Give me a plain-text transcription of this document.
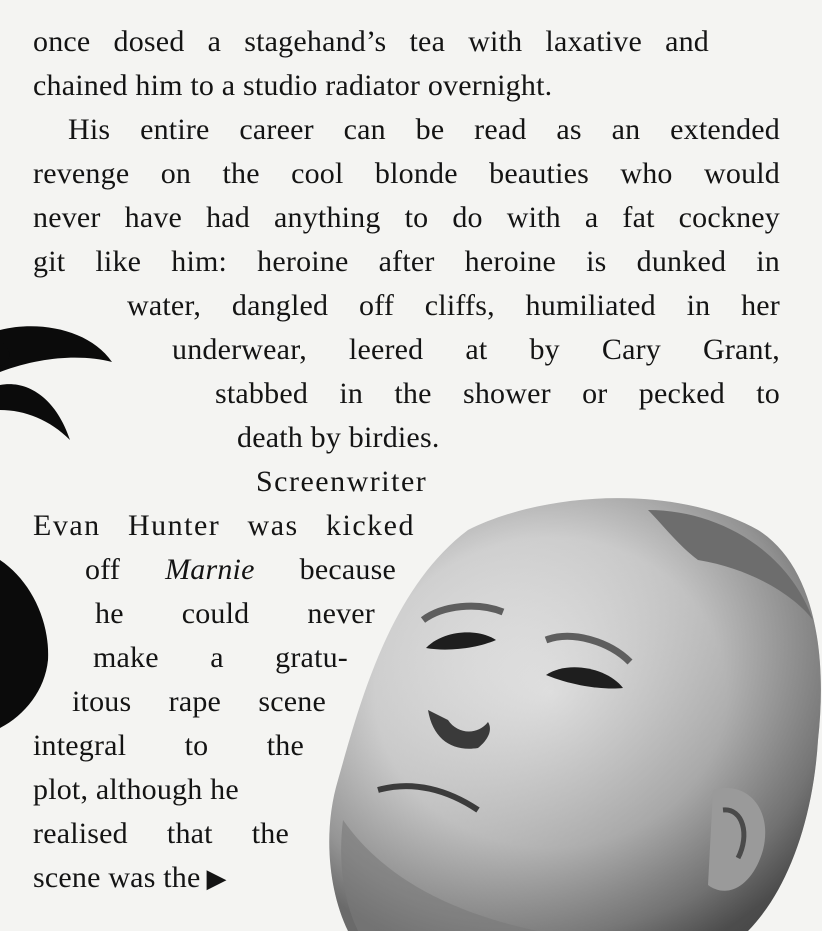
once dosed a stagehand’s tea with laxative and

chained him to a studio radiator overnight.

His entire career can be read as an extended

revenge on the cool blonde beauties who would

never have had anything to do with a fat cockney

git like him: heroine after heroine is dunked in

water, dangled off cliffs, humiliated in her

underwear, leered at by Cary Grant,

stabbed in the shower or pecked to

death by birdies.

Screenwriter

Evan Hunter was kicked

off Marnie because

he could never

make a gratu-

itous rape scene

integral to the

plot, although he

realised that the

scene was the ▶
